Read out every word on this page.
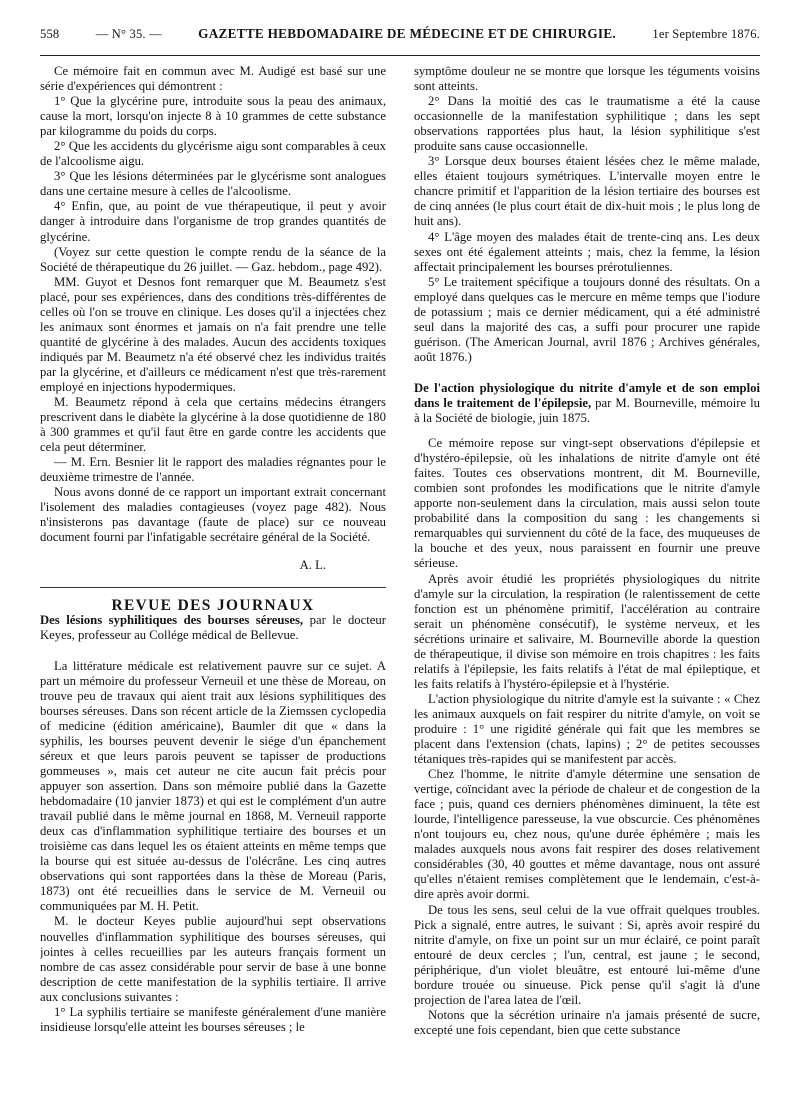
558	— N° 35. —	GAZETTE HEBDOMADAIRE DE MÉDECINE ET DE CHIRURGIE.	1er Septembre 1876.

Ce mémoire fait en commun avec M. Audigé est basé sur une série d'expériences qui démontrent :

1° Que la glycérine pure, introduite sous la peau des animaux, cause la mort, lorsqu'on injecte 8 à 10 grammes de cette substance par kilogramme du poids du corps.

2° Que les accidents du glycérisme aigu sont comparables à ceux de l'alcoolisme aigu.

3° Que les lésions déterminées par le glycérisme sont analogues dans une certaine mesure à celles de l'alcoolisme.

4° Enfin, que, au point de vue thérapeutique, il peut y avoir danger à introduire dans l'organisme de trop grandes quantités de glycérine.

(Voyez sur cette question le compte rendu de la séance de la Société de thérapeutique du 26 juillet. — Gaz. hebdom., page 492).

MM. Guyot et Desnos font remarquer que M. Beaumetz s'est placé, pour ses expériences, dans des conditions très-différentes de celles où l'on se trouve en clinique. Les doses qu'il a injectées chez les animaux sont énormes et jamais on n'a fait prendre une telle quantité de glycérine à des malades. Aucun des accidents toxiques indiqués par M. Beaumetz n'a été observé chez les individus traités par la glycérine, et d'ailleurs ce médicament n'est que très-rarement employé en injections hypodermiques.

M. Beaumetz répond à cela que certains médecins étrangers prescrivent dans le diabète la glycérine à la dose quotidienne de 180 à 300 grammes et qu'il faut être en garde contre les accidents que cela peut déterminer.

— M. Ern. Besnier lit le rapport des maladies régnantes pour le deuxième trimestre de l'année.

Nous avons donné de ce rapport un important extrait concernant l'isolement des maladies contagieuses (voyez page 482). Nous n'insisterons pas davantage (faute de place) sur ce nouveau document fourni par l'infatigable secrétaire général de la Société.

A. L.

REVUE DES JOURNAUX

Des lésions syphilitiques des bourses séreuses, par le docteur Keyes, professeur au Collége médical de Bellevue.

La littérature médicale est relativement pauvre sur ce sujet. A part un mémoire du professeur Verneuil et une thèse de Moreau, on trouve peu de travaux qui aient trait aux lésions syphilitiques des bourses séreuses. Dans son récent article de la Ziemssen cyclopedia of medicine (édition américaine), Baumler dit que « dans la syphilis, les bourses peuvent devenir le siége d'un épanchement séreux et que leurs parois peuvent se tapisser de productions gommeuses », mais cet auteur ne cite aucun fait précis pour appuyer son assertion. Dans son mémoire publié dans la Gazette hebdomadaire (10 janvier 1873) et qui est le complément d'un autre travail publié dans le même journal en 1868, M. Verneuil rapporte deux cas d'inflammation syphilitique tertiaire des bourses et un troisième cas dans lequel les os étaient atteints en même temps que la bourse qui est située au-dessus de l'olécrâne. Les cinq autres observations qui sont rapportées dans la thèse de Moreau (Paris, 1873) ont été recueillies dans le service de M. Verneuil ou communiquées par M. H. Petit.

M. le docteur Keyes publie aujourd'hui sept observations nouvelles d'inflammation syphilitique des bourses séreuses, qui jointes à celles recueillies par les auteurs français forment un nombre de cas assez considérable pour servir de base à une bonne description de cette manifestation de la syphilis tertiaire. Il arrive aux conclusions suivantes :

1° La syphilis tertiaire se manifeste généralement d'une manière insidieuse lorsqu'elle atteint les bourses séreuses ; le

symptôme douleur ne se montre que lorsque les téguments voisins sont atteints.

2° Dans la moitié des cas le traumatisme a été la cause occasionnelle de la manifestation syphilitique ; dans les sept observations rapportées plus haut, la lésion syphilitique s'est produite sans cause occasionnelle.

3° Lorsque deux bourses étaient lésées chez le même malade, elles étaient toujours symétriques. L'intervalle moyen entre le chancre primitif et l'apparition de la lésion tertiaire des bourses est de cinq années (le plus court était de dix-huit mois ; le plus long de huit ans).

4° L'âge moyen des malades était de trente-cinq ans. Les deux sexes ont été également atteints ; mais, chez la femme, la lésion affectait principalement les bourses prérotuliennes.

5° Le traitement spécifique a toujours donné des résultats. On a employé dans quelques cas le mercure en même temps que l'iodure de potassium ; mais ce dernier médicament, qui a été administré seul dans la majorité des cas, a suffi pour procurer une rapide guérison. (The American Journal, avril 1876 ; Archives générales, août 1876.)

De l'action physiologique du nitrite d'amyle et de son emploi dans le traitement de l'épilepsie, par M. Bourneville, mémoire lu à la Société de biologie, juin 1875.

Ce mémoire repose sur vingt-sept observations d'épilepsie et d'hystéro-épilepsie, où les inhalations de nitrite d'amyle ont été faites. Toutes ces observations montrent, dit M. Bourneville, combien sont profondes les modifications que le nitrite d'amyle apporte non-seulement dans la circulation, mais aussi selon toute probabilité dans la composition du sang : les changements si remarquables qui surviennent du côté de la face, des muqueuses de la bouche et des yeux, nous paraissent en fournir une preuve sérieuse.

Après avoir étudié les propriétés physiologiques du nitrite d'amyle sur la circulation, la respiration (le ralentissement de cette fonction est un phénomène primitif, l'accélération au contraire serait un phénomène consécutif), le système nerveux, et les sécrétions urinaire et salivaire, M. Bourneville aborde la question de thérapeutique, il divise son mémoire en trois chapitres : les faits relatifs à l'épilepsie, les faits relatifs à l'état de mal épileptique, et les faits relatifs à l'hystéro-épilepsie et à l'hystérie.

L'action physiologique du nitrite d'amyle est la suivante : « Chez les animaux auxquels on fait respirer du nitrite d'amyle, on voit se produire : 1° une rigidité générale qui fait que les membres se placent dans l'extension (chats, lapins) ; 2° de petites secousses tétaniques très-rapides qui se manifestent par accès.

Chez l'homme, le nitrite d'amyle détermine une sensation de vertige, coïncidant avec la période de chaleur et de congestion de la face ; puis, quand ces derniers phénomènes diminuent, la tête est lourde, l'intelligence paresseuse, la vue obscurcie. Ces phénomènes n'ont toujours eu, chez nous, qu'une durée éphémère ; mais les malades auxquels nous avons fait respirer des doses relativement considérables (30, 40 gouttes et même davantage, nous ont assuré qu'elles n'étaient remises complètement que le lendemain, c'est-à-dire après avoir dormi.

De tous les sens, seul celui de la vue offrait quelques troubles. Pick a signalé, entre autres, le suivant : Si, après avoir respiré du nitrite d'amyle, on fixe un point sur un mur éclairé, ce point paraît entouré de deux cercles ; l'un, central, est jaune ; le second, périphérique, d'un violet bleuâtre, est entouré lui-même d'une bordure trouée ou sinueuse. Pick pense qu'il s'agit là d'une projection de l'area latea de l'œil.

Notons que la sécrétion urinaire n'a jamais présenté de sucre, excepté une fois cependant, bien que cette substance
